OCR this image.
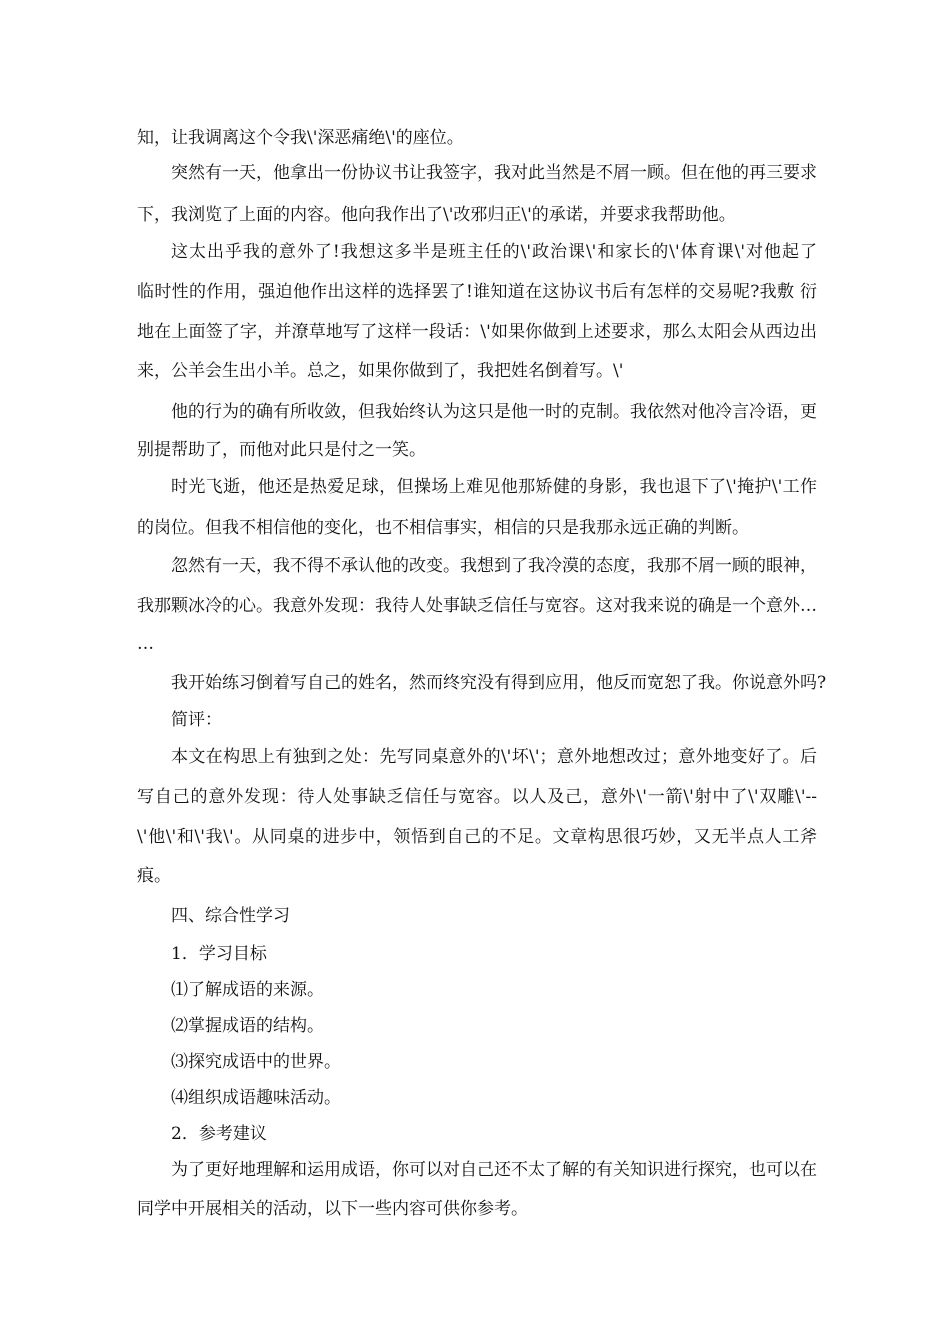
知，让我调离这个令我\'深恶痛绝\'的座位。
突然有一天，他拿出一份协议书让我签字，我对此当然是不屑一顾。但在他的再三要求
下，我浏览了上面的内容。他向我作出了\'改邪归正\'的承诺，并要求我帮助他。
这太出乎我的意外了!我想这多半是班主任的\'政治课\'和家长的\'体育课\'对他起了
临时性的作用，强迫他作出这样的选择罢了!谁知道在这协议书后有怎样的交易呢?我敷 衍
地在上面签了字，并潦草地写了这样一段话：\'如果你做到上述要求，那么太阳会从西边出
来，公羊会生出小羊。总之，如果你做到了，我把姓名倒着写。\'
他的行为的确有所收敛，但我始终认为这只是他一时的克制。我依然对他冷言冷语，更
别提帮助了，而他对此只是付之一笑。
时光飞逝，他还是热爱足球，但操场上难见他那矫健的身影，我也退下了\'掩护\'工作
的岗位。但我不相信他的变化，也不相信事实，相信的只是我那永远正确的判断。
忽然有一天，我不得不承认他的改变。我想到了我冷漠的态度，我那不屑一顾的眼神，
我那颗冰冷的心。我意外发现：我待人处事缺乏信任与宽容。这对我来说的确是一个意外…
…
我开始练习倒着写自己的姓名，然而终究没有得到应用，他反而宽恕了我。你说意外吗?
简评：
本文在构思上有独到之处：先写同桌意外的\'坏\'；意外地想改过；意外地变好了。后
写自己的意外发现：待人处事缺乏信任与宽容。以人及己，意外\'一箭\'射中了\'双雕\'--
\'他\'和\'我\'。从同桌的进步中，领悟到自己的不足。文章构思很巧妙，又无半点人工斧
痕。
四、综合性学习
1．学习目标
⑴了解成语的来源。
⑵掌握成语的结构。
⑶探究成语中的世界。
⑷组织成语趣味活动。
2．参考建议
为了更好地理解和运用成语，你可以对自己还不太了解的有关知识进行探究，也可以在
同学中开展相关的活动，以下一些内容可供你参考。
